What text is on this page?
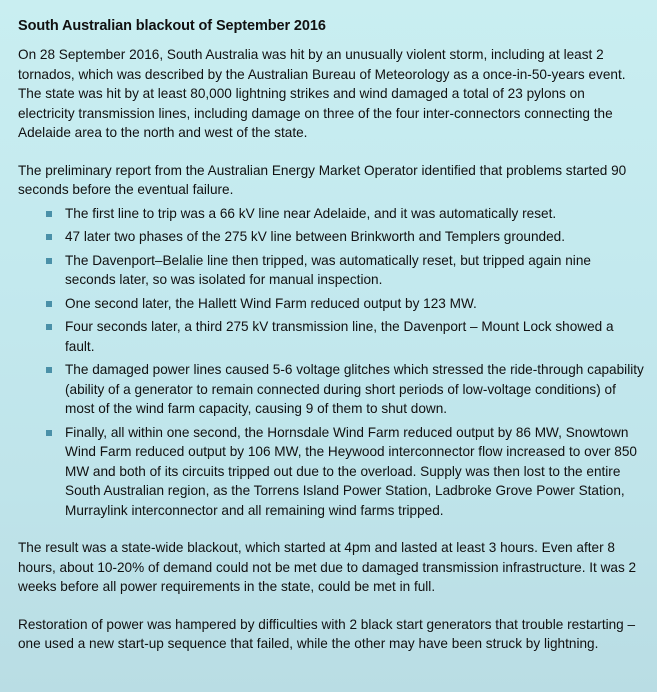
South Australian blackout of September 2016

On 28 September 2016, South Australia was hit by an unusually violent storm, including at least 2 tornados, which was described by the Australian Bureau of Meteorology as a once-in-50-years event. The state was hit by at least 80,000 lightning strikes and wind damaged a total of 23 pylons on electricity transmission lines, including damage on three of the four inter-connectors connecting the Adelaide area to the north and west of the state.

The preliminary report from the Australian Energy Market Operator identified that problems started 90 seconds before the eventual failure.

The first line to trip was a 66 kV line near Adelaide, and it was automatically reset.
47 later two phases of the 275 kV line between Brinkworth and Templers grounded.
The Davenport–Belalie line then tripped, was automatically reset, but tripped again nine seconds later, so was isolated for manual inspection.
One second later, the Hallett Wind Farm reduced output by 123 MW.
Four seconds later, a third 275 kV transmission line, the Davenport – Mount Lock showed a fault.
The damaged power lines caused 5-6 voltage glitches which stressed the ride-through capability (ability of a generator to remain connected during short periods of low-voltage conditions) of most of the wind farm capacity, causing 9 of them to shut down.
Finally, all within one second, the Hornsdale Wind Farm reduced output by 86 MW, Snowtown Wind Farm reduced output by 106 MW, the Heywood interconnector flow increased to over 850 MW and both of its circuits tripped out due to the overload. Supply was then lost to the entire South Australian region, as the Torrens Island Power Station, Ladbroke Grove Power Station, Murraylink interconnector and all remaining wind farms tripped.

The result was a state-wide blackout, which started at 4pm and lasted at least 3 hours. Even after 8 hours, about 10-20% of demand could not be met due to damaged transmission infrastructure. It was 2 weeks before all power requirements in the state, could be met in full.

Restoration of power was hampered by difficulties with 2 black start generators that trouble restarting – one used a new start-up sequence that failed, while the other may have been struck by lightning.
